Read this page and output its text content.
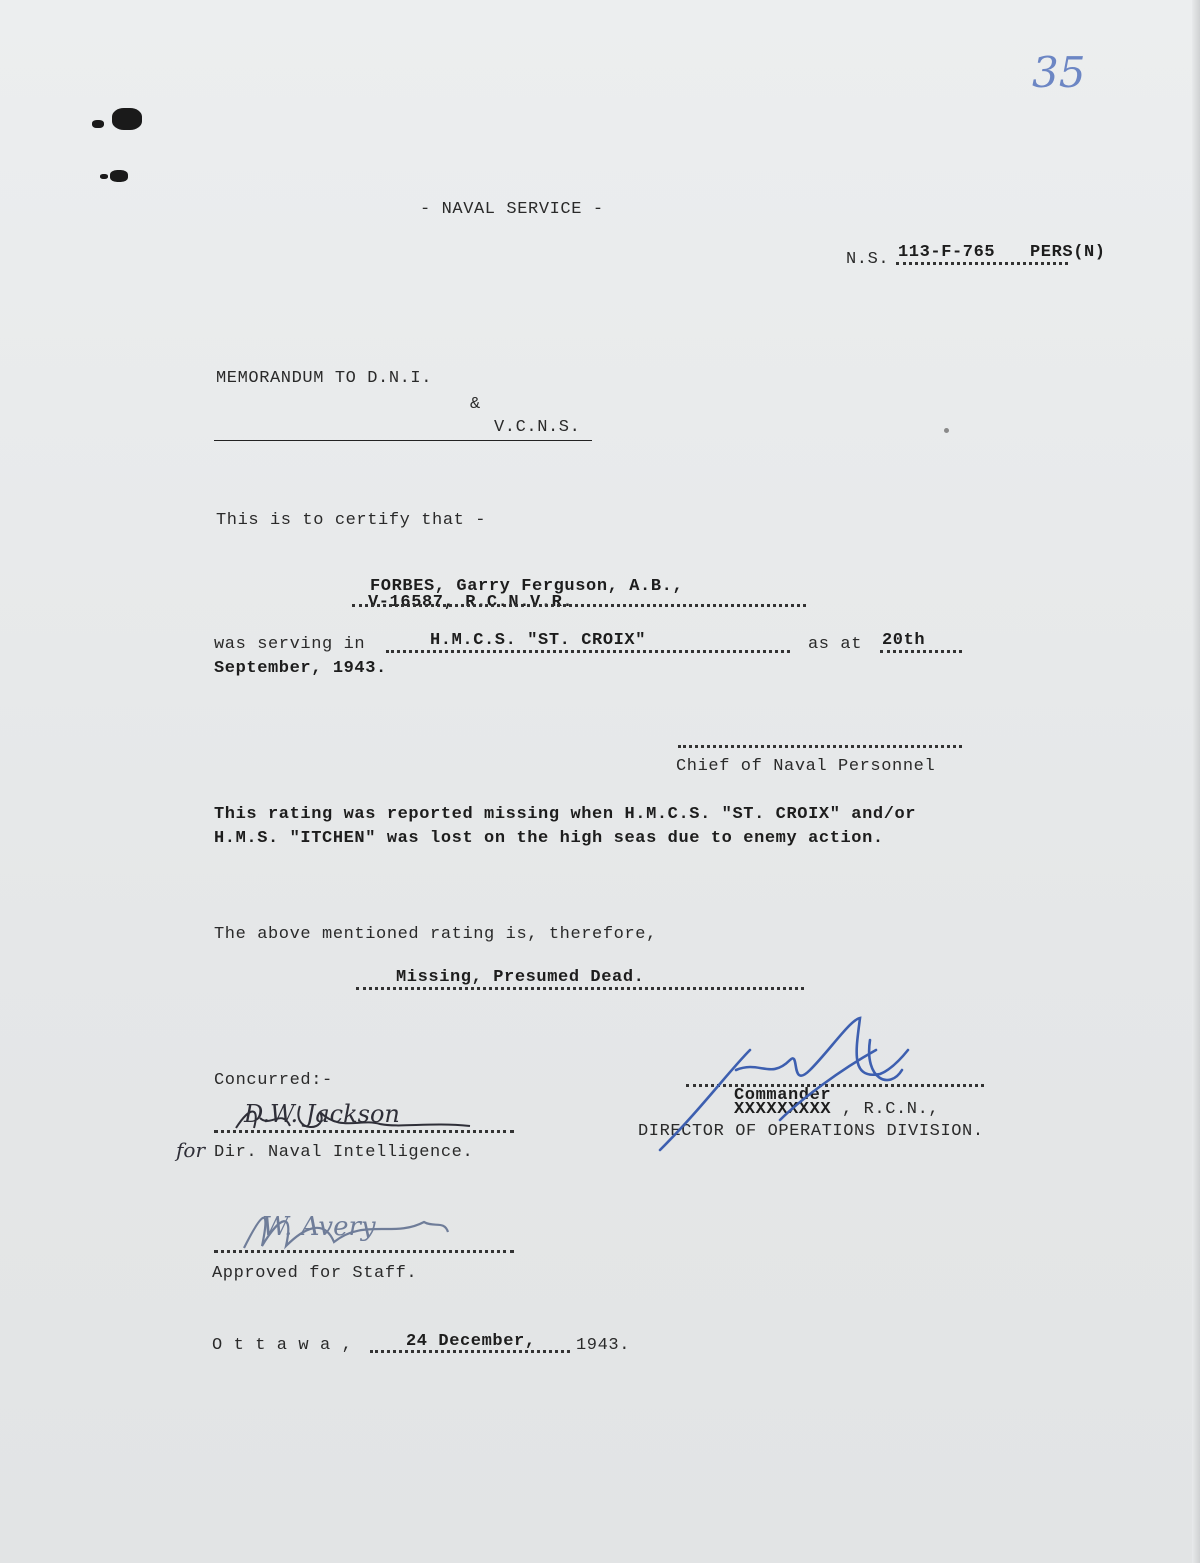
35
- NAVAL SERVICE -
N.S. 113-F-765 PERS(N)
MEMORANDUM TO D.N.I.
&
V.C.N.S.
This is to certify that -
FORBES, Garry Ferguson, A.B.,
V-16587, R.C.N.V.R.
was serving in	H.M.C.S. "ST. CROIX"	as at 20th
September, 1943.
Chief of Naval Personnel
This rating was reported missing when H.M.C.S. "ST. CROIX" and/or
H.M.S. "ITCHEN" was lost on the high seas due to enemy action.
The above mentioned rating is, therefore,
Missing, Presumed Dead.
Concurred:-
D.W. Jackson
for Dir. Naval Intelligence.
W. Avery
Approved for Staff.
Commander
XXXXXXXXX , R.C.N.,
DIRECTOR OF OPERATIONS DIVISION.
O t t a w a ,	24 December, 1943.
